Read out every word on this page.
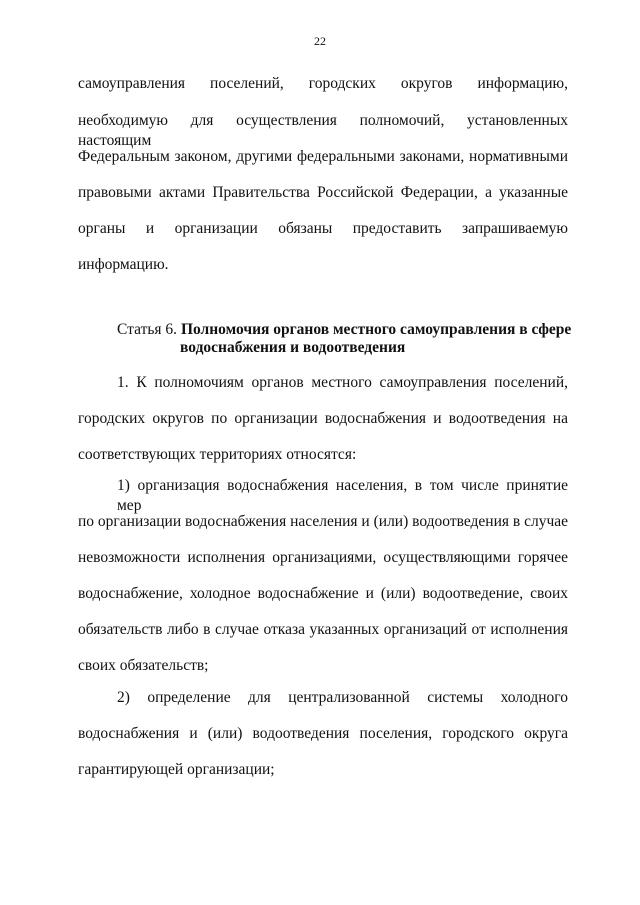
22
самоуправления поселений, городских округов информацию,
необходимую для осуществления полномочий, установленных настоящим
Федеральным законом, другими федеральными законами, нормативными
правовыми актами Правительства Российской Федерации, а указанные
органы и организации обязаны предоставить запрашиваемую
информацию.
Статья 6. Полномочия органов местного самоуправления в сфере
водоснабжения и водоотведения
1. К полномочиям органов местного самоуправления поселений,
городских округов по организации водоснабжения и водоотведения на
соответствующих территориях относятся:
1) организация водоснабжения населения, в том числе принятие мер
по организации водоснабжения населения и (или) водоотведения в случае
невозможности исполнения организациями, осуществляющими горячее
водоснабжение, холодное водоснабжение и (или) водоотведение, своих
обязательств либо в случае отказа указанных организаций от исполнения
своих обязательств;
2) определение для централизованной системы холодного
водоснабжения и (или) водоотведения поселения, городского округа
гарантирующей организации;
